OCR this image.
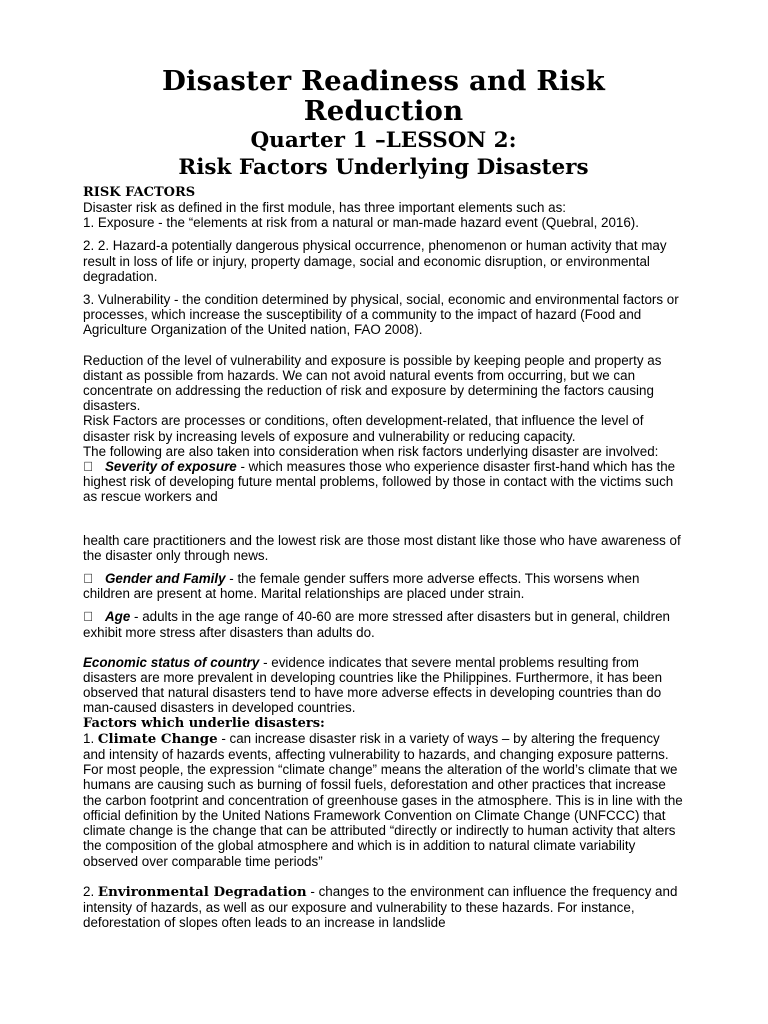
Disaster Readiness and Risk Reduction
Quarter 1 –LESSON 2:
Risk Factors Underlying Disasters

RISK FACTORS

Disaster risk as defined in the first module, has three important elements such as:

1. Exposure - the “elements at risk from a natural or man-made hazard event (Quebral, 2016).

2. 2. Hazard-a potentially dangerous physical occurrence, phenomenon or human activity that may result in loss of life or injury, property damage, social and economic disruption, or environmental degradation.

3. Vulnerability - the condition determined by physical, social, economic and environmental factors or processes, which increase the susceptibility of a community to the impact of hazard (Food and Agriculture Organization of the United nation, FAO 2008).

Reduction of the level of vulnerability and exposure is possible by keeping people and property as distant as possible from hazards. We can not avoid natural events from occurring, but we can concentrate on addressing the reduction of risk and exposure by determining the factors causing disasters.

Risk Factors are processes or conditions, often development-related, that influence the level of disaster risk by increasing levels of exposure and vulnerability or reducing capacity.

The following are also taken into consideration when risk factors underlying disaster are involved:

Severity of exposure - which measures those who experience disaster first-hand which has the highest risk of developing future mental problems, followed by those in contact with the victims such as rescue workers and

health care practitioners and the lowest risk are those most distant like those who have awareness of the disaster only through news.

Gender and Family - the female gender suffers more adverse effects. This worsens when children are present at home. Marital relationships are placed under strain.

Age - adults in the age range of 40-60 are more stressed after disasters but in general, children exhibit more stress after disasters than adults do.

Economic status of country - evidence indicates that severe mental problems resulting from disasters are more prevalent in developing countries like the Philippines. Furthermore, it has been observed that natural disasters tend to have more adverse effects in developing countries than do man-caused disasters in developed countries.

Factors which underlie disasters:

1. Climate Change - can increase disaster risk in a variety of ways – by altering the frequency and intensity of hazards events, affecting vulnerability to hazards, and changing exposure patterns. For most people, the expression “climate change” means the alteration of the world’s climate that we humans are causing such as burning of fossil fuels, deforestation and other practices that increase the carbon footprint and concentration of greenhouse gases in the atmosphere. This is in line with the official definition by the United Nations Framework Convention on Climate Change (UNFCCC) that climate change is the change that can be attributed “directly or indirectly to human activity that alters the composition of the global atmosphere and which is in addition to natural climate variability observed over comparable time periods”

2. Environmental Degradation - changes to the environment can influence the frequency and intensity of hazards, as well as our exposure and vulnerability to these hazards. For instance, deforestation of slopes often leads to an increase in landslide
